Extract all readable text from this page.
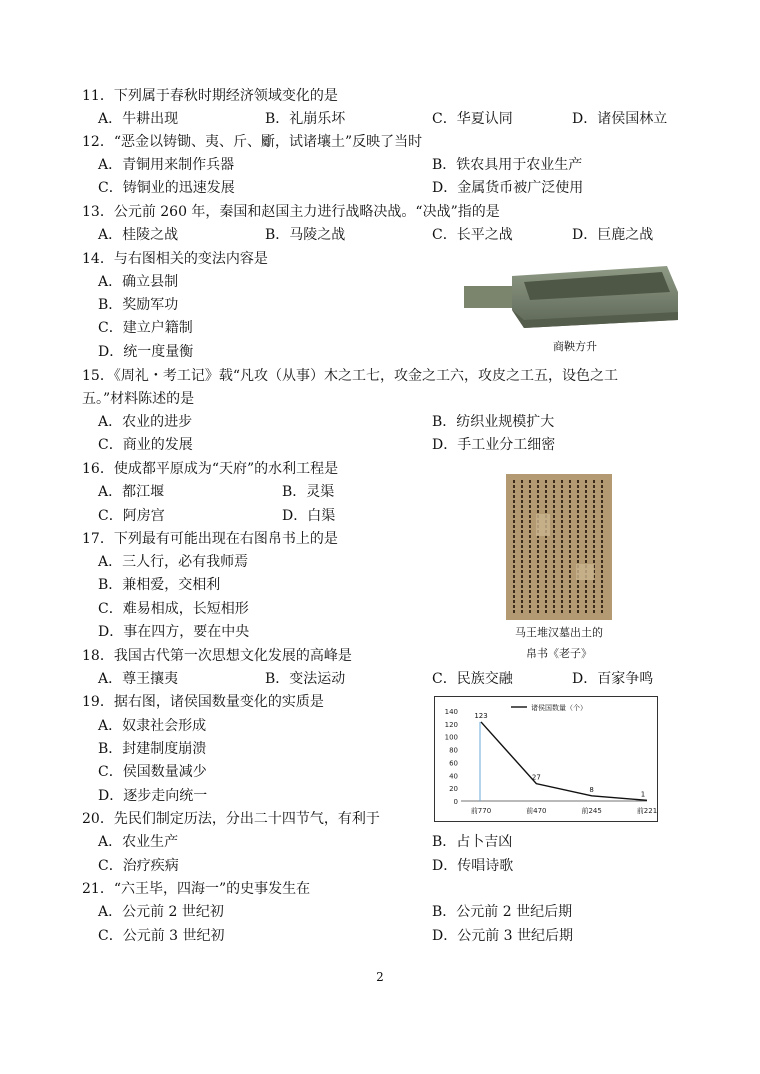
11．下列属于春秋时期经济领域变化的是
A．牛耕出现	B．礼崩乐坏	C．华夏认同	D．诸侯国林立
12．“恶金以铸锄、夷、斤、斸，试诸壤土”反映了当时
A．青铜用来制作兵器	B．铁农具用于农业生产
C．铸铜业的迅速发展	D．金属货币被广泛使用
13．公元前 260 年，秦国和赵国主力进行战略决战。“决战”指的是
A．桂陵之战	B．马陵之战	C．长平之战	D．巨鹿之战
14．与右图相关的变法内容是
A．确立县制
B．奖励军功
C．建立户籍制
D．统一度量衡	商鞅方升
15．《周礼・考工记》载“凡攻（从事）木之工七，攻金之工六，攻皮之工五，设色之工
五。”材料陈述的是
A．农业的进步	B．纺织业规模扩大
C．商业的发展	D．手工业分工细密
16．使成都平原成为“天府”的水利工程是
A．都江堰	B．灵渠
C．阿房宫	D．白渠
马王堆汉墓出土的
帛书《老子》
17．下列最有可能出现在右图帛书上的是
A．三人行，必有我师焉
B．兼相爱，交相利
C．难易相成，长短相形
D．事在四方，要在中央
18．我国古代第一次思想文化发展的高峰是
A．尊王攘夷	B．变法运动	C．民族交融	D．百家争鸣
19．据右图，诸侯国数量变化的实质是
A．奴隶社会形成
B．封建制度崩溃
C．侯国数量减少
D．逐步走向统一	0
20
40
60
80
100
120
140
前770	前470	前245	前221
123
27
8
1
诸侯国数量（个）
20．先民们制定历法，分出二十四节气，有利于
A．农业生产	B．占卜吉凶
C．治疗疾病	D．传唱诗歌
21．“六王毕，四海一”的史事发生在
A．公元前 2 世纪初	B．公元前 2 世纪后期
C．公元前 3 世纪初	D．公元前 3 世纪后期
2
